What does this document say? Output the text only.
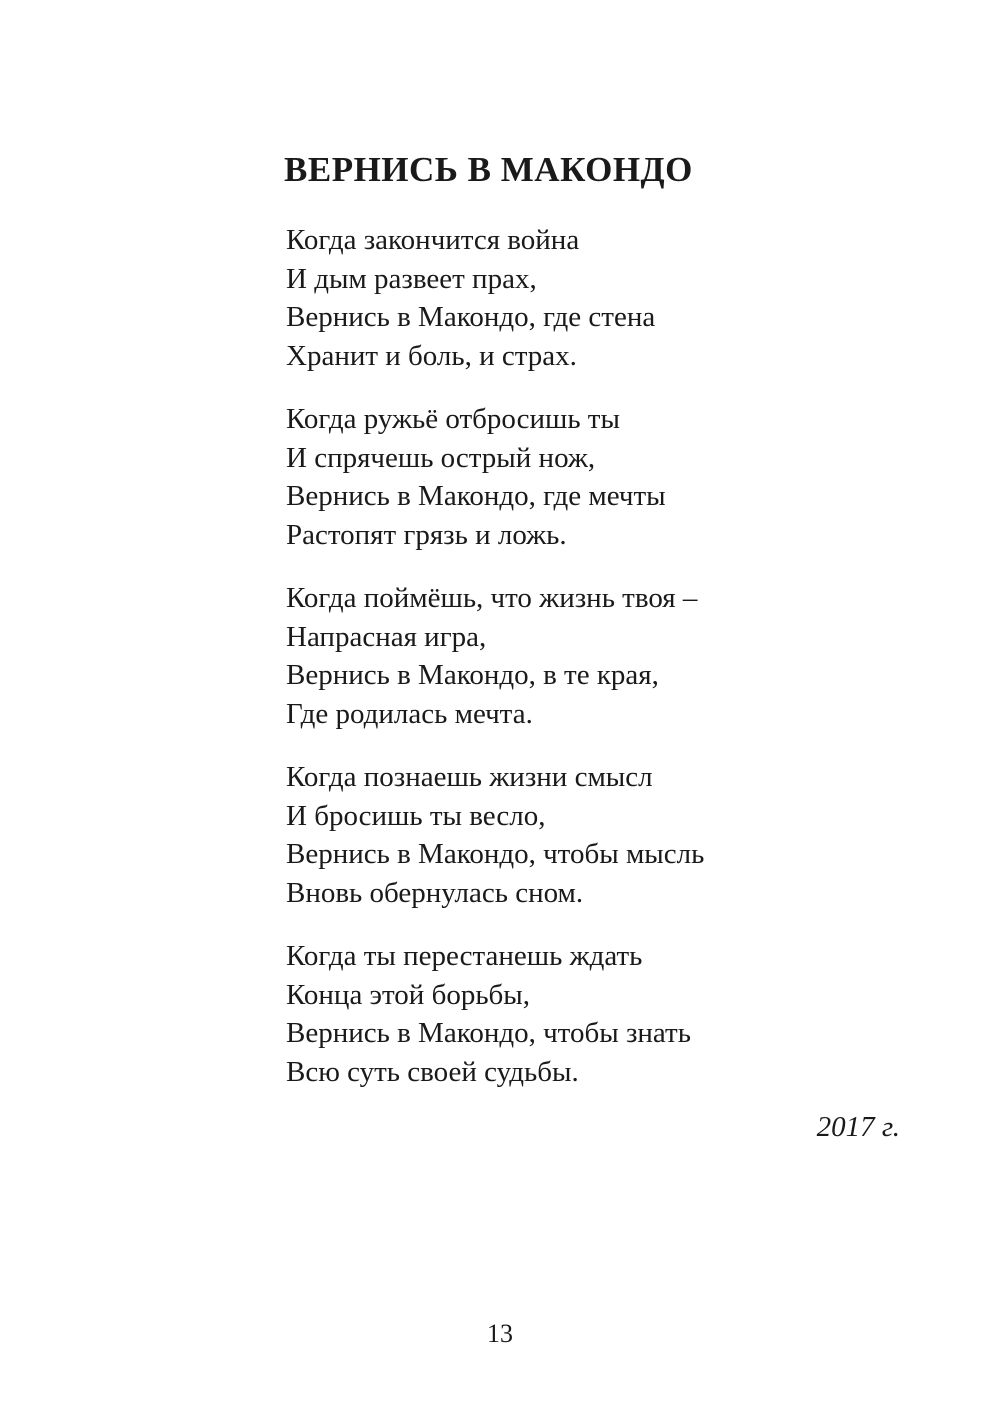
ВЕРНИСЬ В МАКОНДО
Когда закончится война
И дым развеет прах,
Вернись в Макондо, где стена
Хранит и боль, и страх.
Когда ружьё отбросишь ты
И спрячешь острый нож,
Вернись в Макондо, где мечты
Растопят грязь и ложь.
Когда поймёшь, что жизнь твоя –
Напрасная игра,
Вернись в Макондо, в те края,
Где родилась мечта.
Когда познаешь жизни смысл
И бросишь ты весло,
Вернись в Макондо, чтобы мысль
Вновь обернулась сном.
Когда ты перестанешь ждать
Конца этой борьбы,
Вернись в Макондо, чтобы знать
Всю суть своей судьбы.
2017 г.
13
